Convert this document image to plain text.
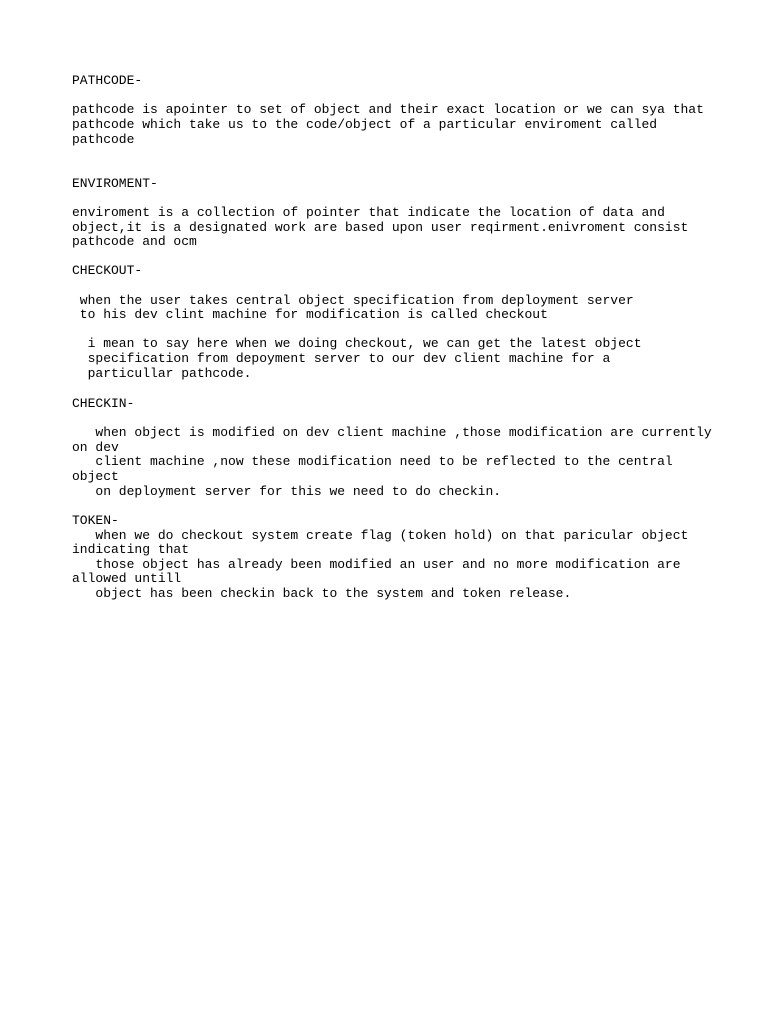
PATHCODE-

pathcode is apointer to set of object and their exact location or we can sya that

pathcode which take us to the code/object of a particular enviroment called

pathcode

ENVIROMENT-

enviroment is a collection of pointer that indicate the location of data and

object,it is a designated work are based upon user reqirment.enivroment consist

pathcode and ocm

CHECKOUT-

when the user takes central object specification from deployment server

to his dev clint machine for modification is called checkout

i mean to say here when we doing checkout, we can get the latest object

specification from depoyment server to our dev client machine for a

particullar pathcode.

CHECKIN-

when object is modified on dev client machine ,those modification are currently

on dev

client machine ,now these modification need to be reflected to the central

object

on deployment server for this we need to do checkin.

TOKEN-

when we do checkout system create flag (token hold) on that paricular object

indicating that

those object has already been modified an user and no more modification are

allowed untill

object has been checkin back to the system and token release.
